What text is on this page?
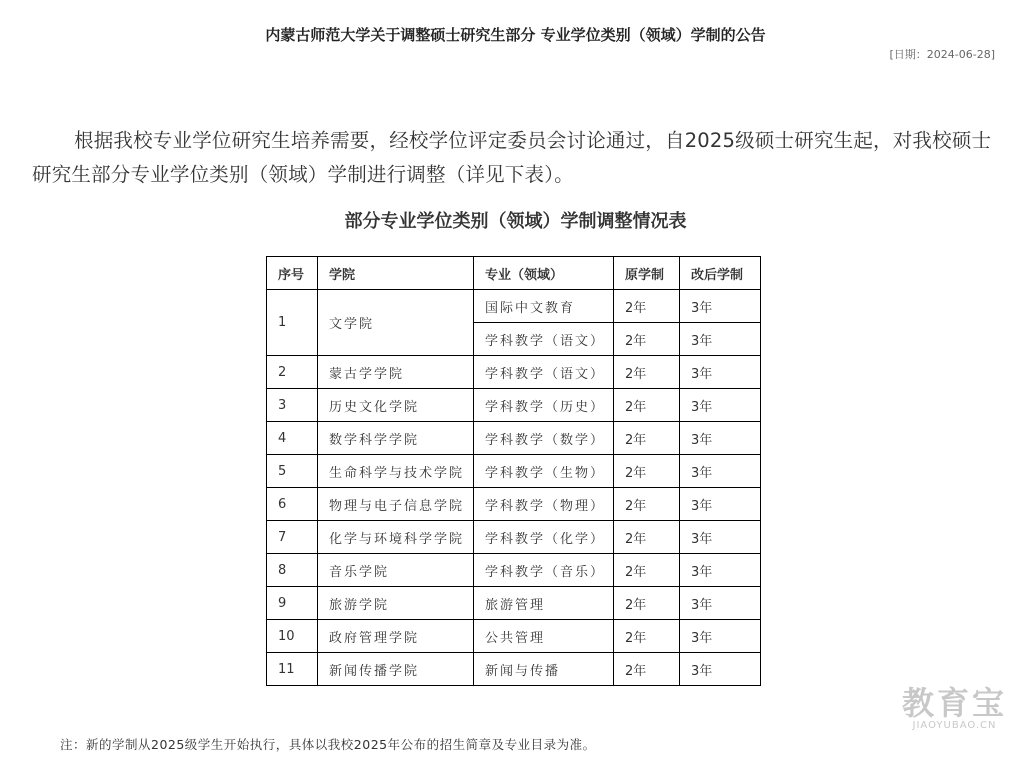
内蒙古师范大学关于调整硕士研究生部分 专业学位类别（领域）学制的公告
[日期：2024-06-28]
根据我校专业学位研究生培养需要，经校学位评定委员会讨论通过，自2025级硕士研究生起，对我校硕士研究生部分专业学位类别（领域）学制进行调整（详见下表）。
部分专业学位类别（领域）学制调整情况表
序号	学院	专业（领域）	原学制	改后学制
1	文学院	国际中文教育	2年	3年
		学科教学（语文）	2年	3年
2	蒙古学学院	学科教学（语文）	2年	3年
3	历史文化学院	学科教学（历史）	2年	3年
4	数学科学学院	学科教学（数学）	2年	3年
5	生命科学与技术学院	学科教学（生物）	2年	3年
6	物理与电子信息学院	学科教学（物理）	2年	3年
7	化学与环境科学学院	学科教学（化学）	2年	3年
8	音乐学院	学科教学（音乐）	2年	3年
9	旅游学院	旅游管理	2年	3年
10	政府管理学院	公共管理	2年	3年
11	新闻传播学院	新闻与传播	2年	3年
注：新的学制从2025级学生开始执行，具体以我校2025年公布的招生简章及专业目录为准。
教育宝
JIAOYUBAO.CN
